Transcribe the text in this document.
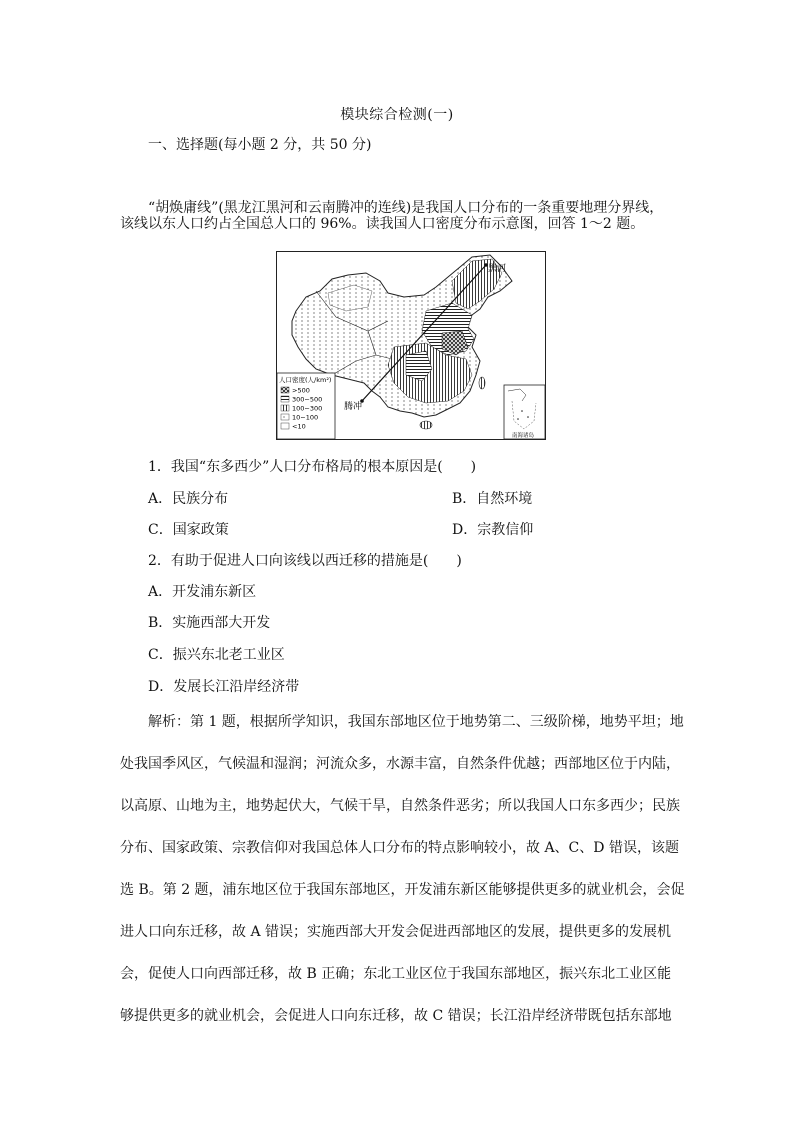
模块综合检测(一)
一、选择题(每小题 2 分，共 50 分)
“胡焕庸线”(黑龙江黑河和云南腾冲的连线)是我国人口分布的一条重要地理分界线，
该线以东人口约占全国总人口的 96%。读我国人口密度分布示意图，回答 1～2 题。
黑河
腾冲
人口密度(人/km²)
>500
300~500
100~300
10~100
<10
南海诸岛
1．我国“东多西少”人口分布格局的根本原因是(　　)
A．民族分布	B．自然环境
C．国家政策	D．宗教信仰
2．有助于促进人口向该线以西迁移的措施是(　　)
A．开发浦东新区
B．实施西部大开发
C．振兴东北老工业区
D．发展长江沿岸经济带
解析：第 1 题，根据所学知识，我国东部地区位于地势第二、三级阶梯，地势平坦；地
处我国季风区，气候温和湿润；河流众多，水源丰富，自然条件优越；西部地区位于内陆，
以高原、山地为主，地势起伏大，气候干旱，自然条件恶劣；所以我国人口东多西少；民族
分布、国家政策、宗教信仰对我国总体人口分布的特点影响较小，故 A、C、D 错误，该题
选 B。第 2 题，浦东地区位于我国东部地区，开发浦东新区能够提供更多的就业机会，会促
进人口向东迁移，故 A 错误；实施西部大开发会促进西部地区的发展，提供更多的发展机
会，促使人口向西部迁移，故 B 正确；东北工业区位于我国东部地区，振兴东北工业区能
够提供更多的就业机会，会促进人口向东迁移，故 C 错误；长江沿岸经济带既包括东部地
